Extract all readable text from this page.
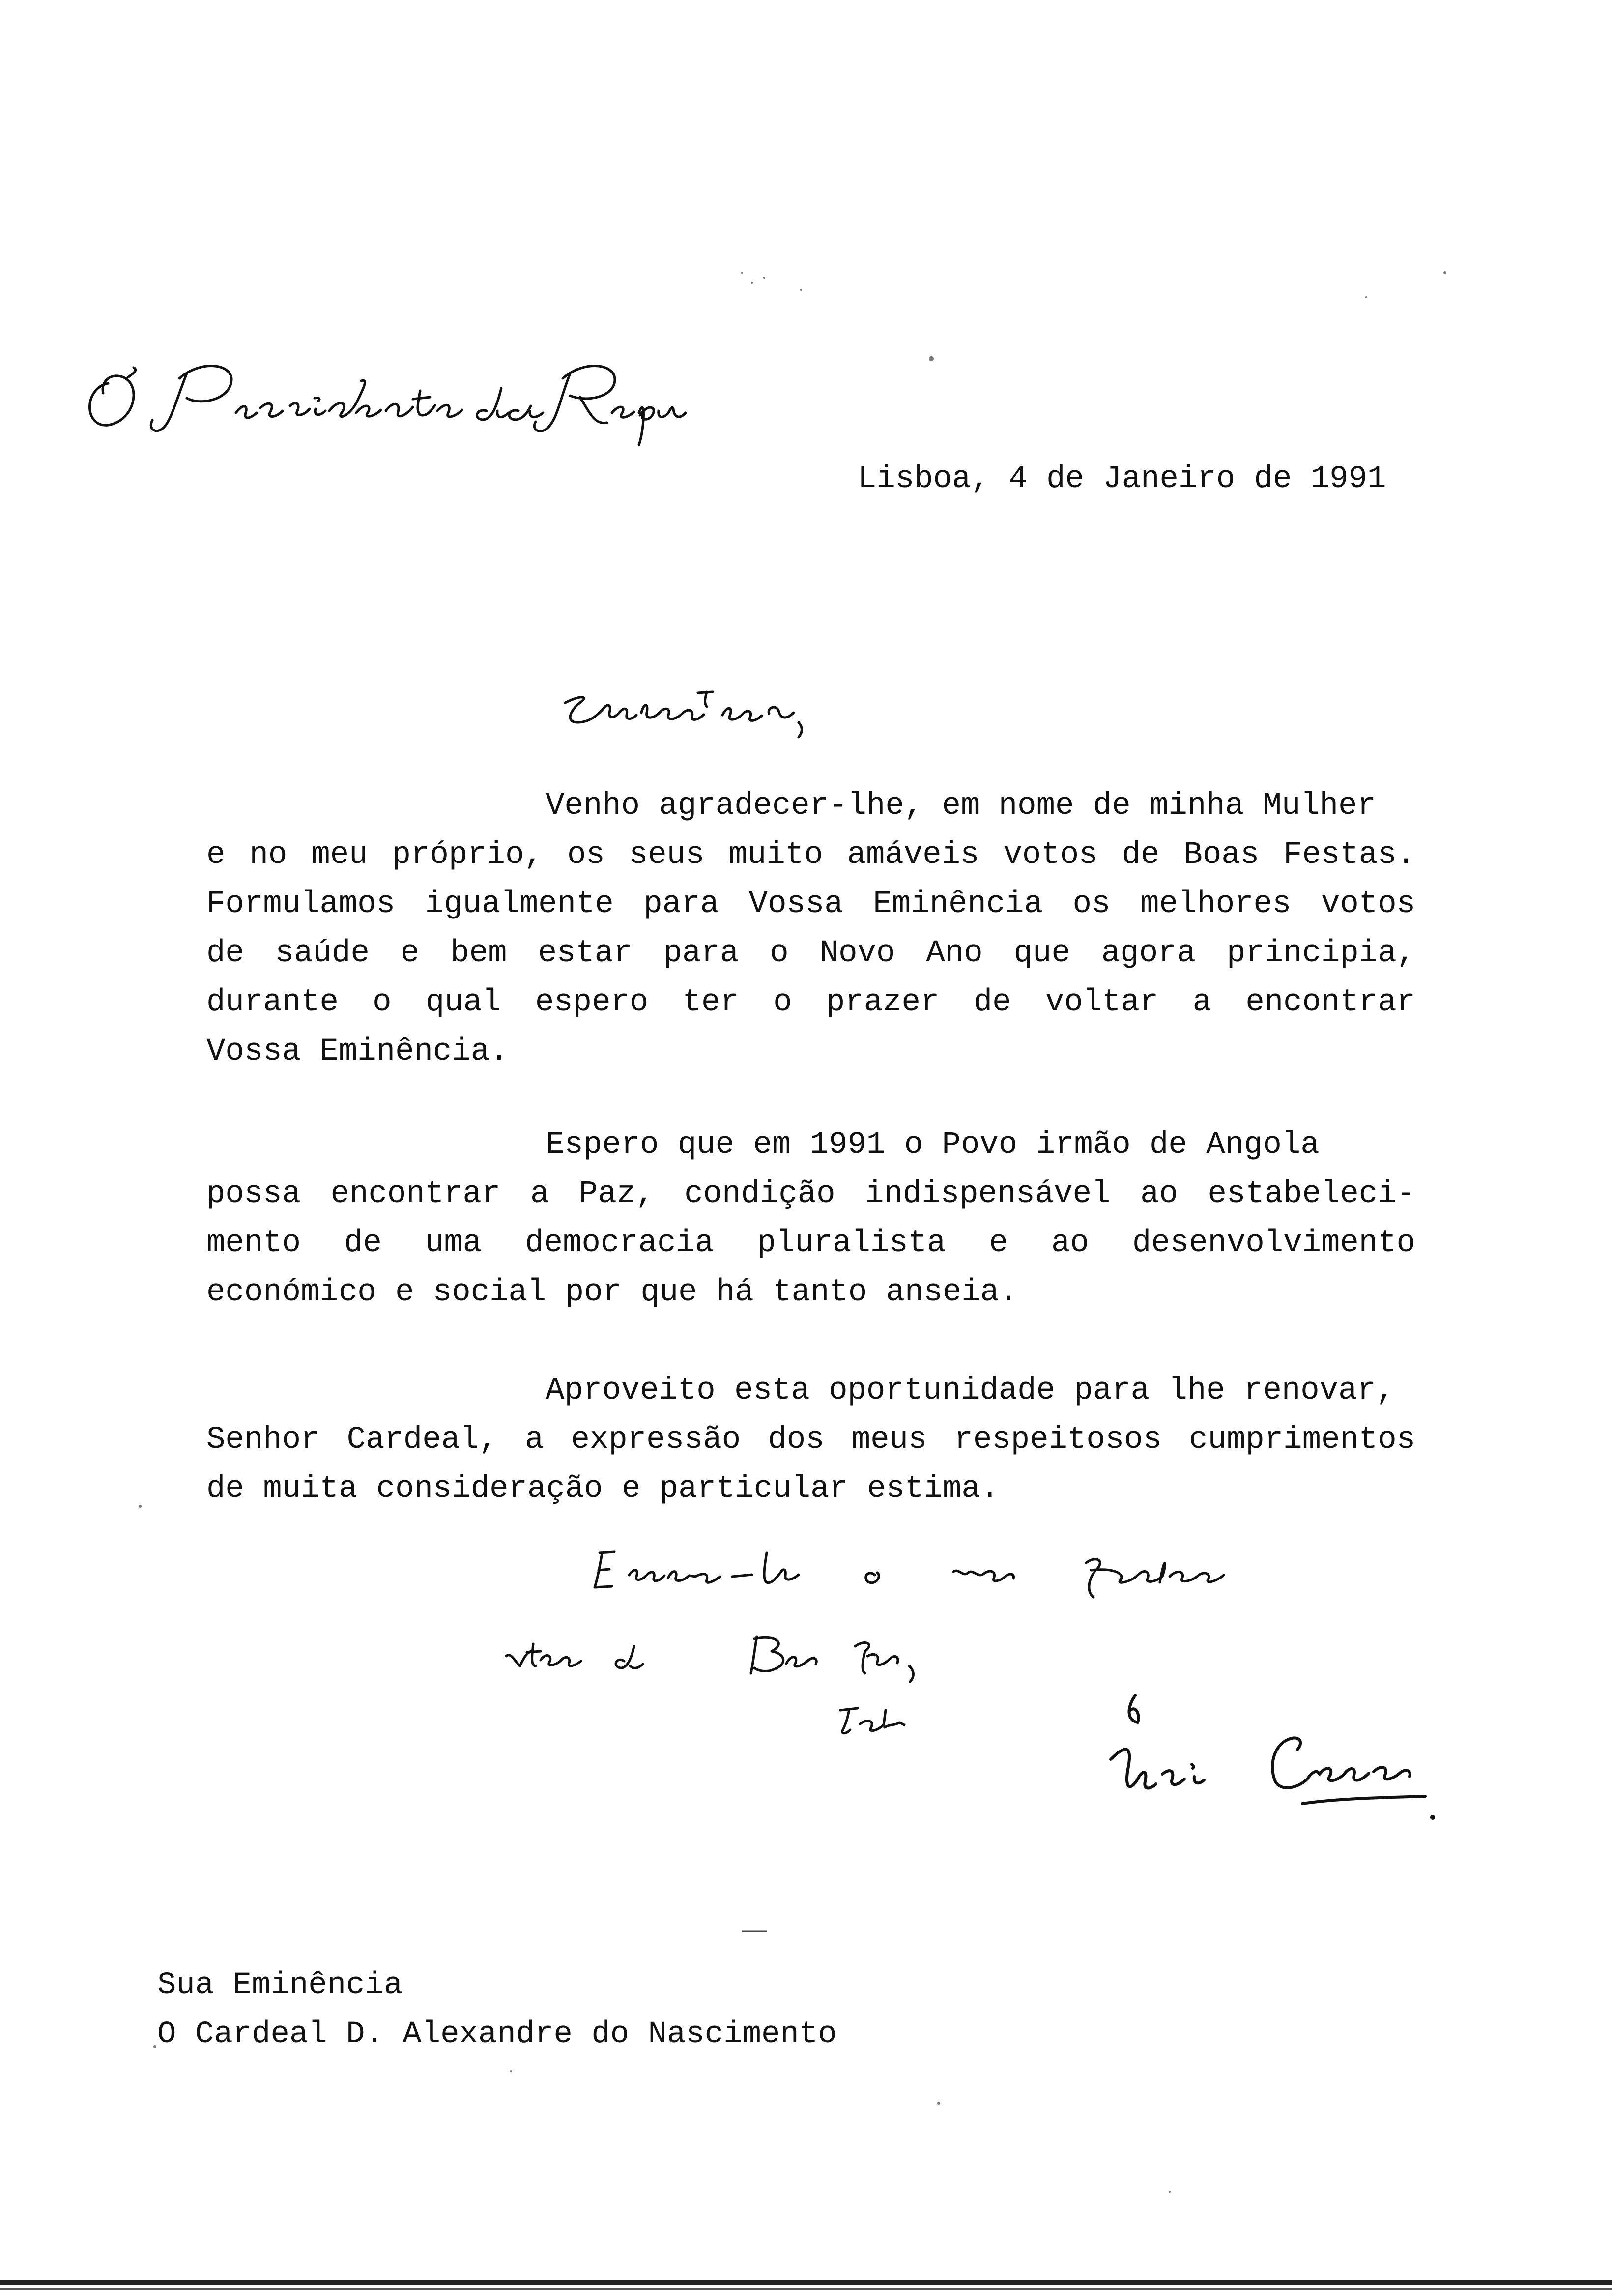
Lisboa, 4 de Janeiro de 1991
Venho agradecer-lhe, em nome de minha Mulher
e no meu próprio, os seus muito amáveis votos de Boas Festas.
Formulamos igualmente para Vossa Eminência os melhores votos
de saúde e bem estar para o Novo Ano que agora principia,
durante o qual espero ter o prazer de voltar a encontrar
Vossa Eminência.
Espero que em 1991 o Povo irmão de Angola
possa encontrar a Paz, condição indispensável ao estabeleci-
mento de uma democracia pluralista e ao desenvolvimento
económico e social por que há tanto anseia.
Aproveito esta oportunidade para lhe renovar,
Senhor Cardeal, a expressão dos meus respeitosos cumprimentos
de muita consideração e particular estima.
Sua Eminência
O Cardeal D. Alexandre do Nascimento
